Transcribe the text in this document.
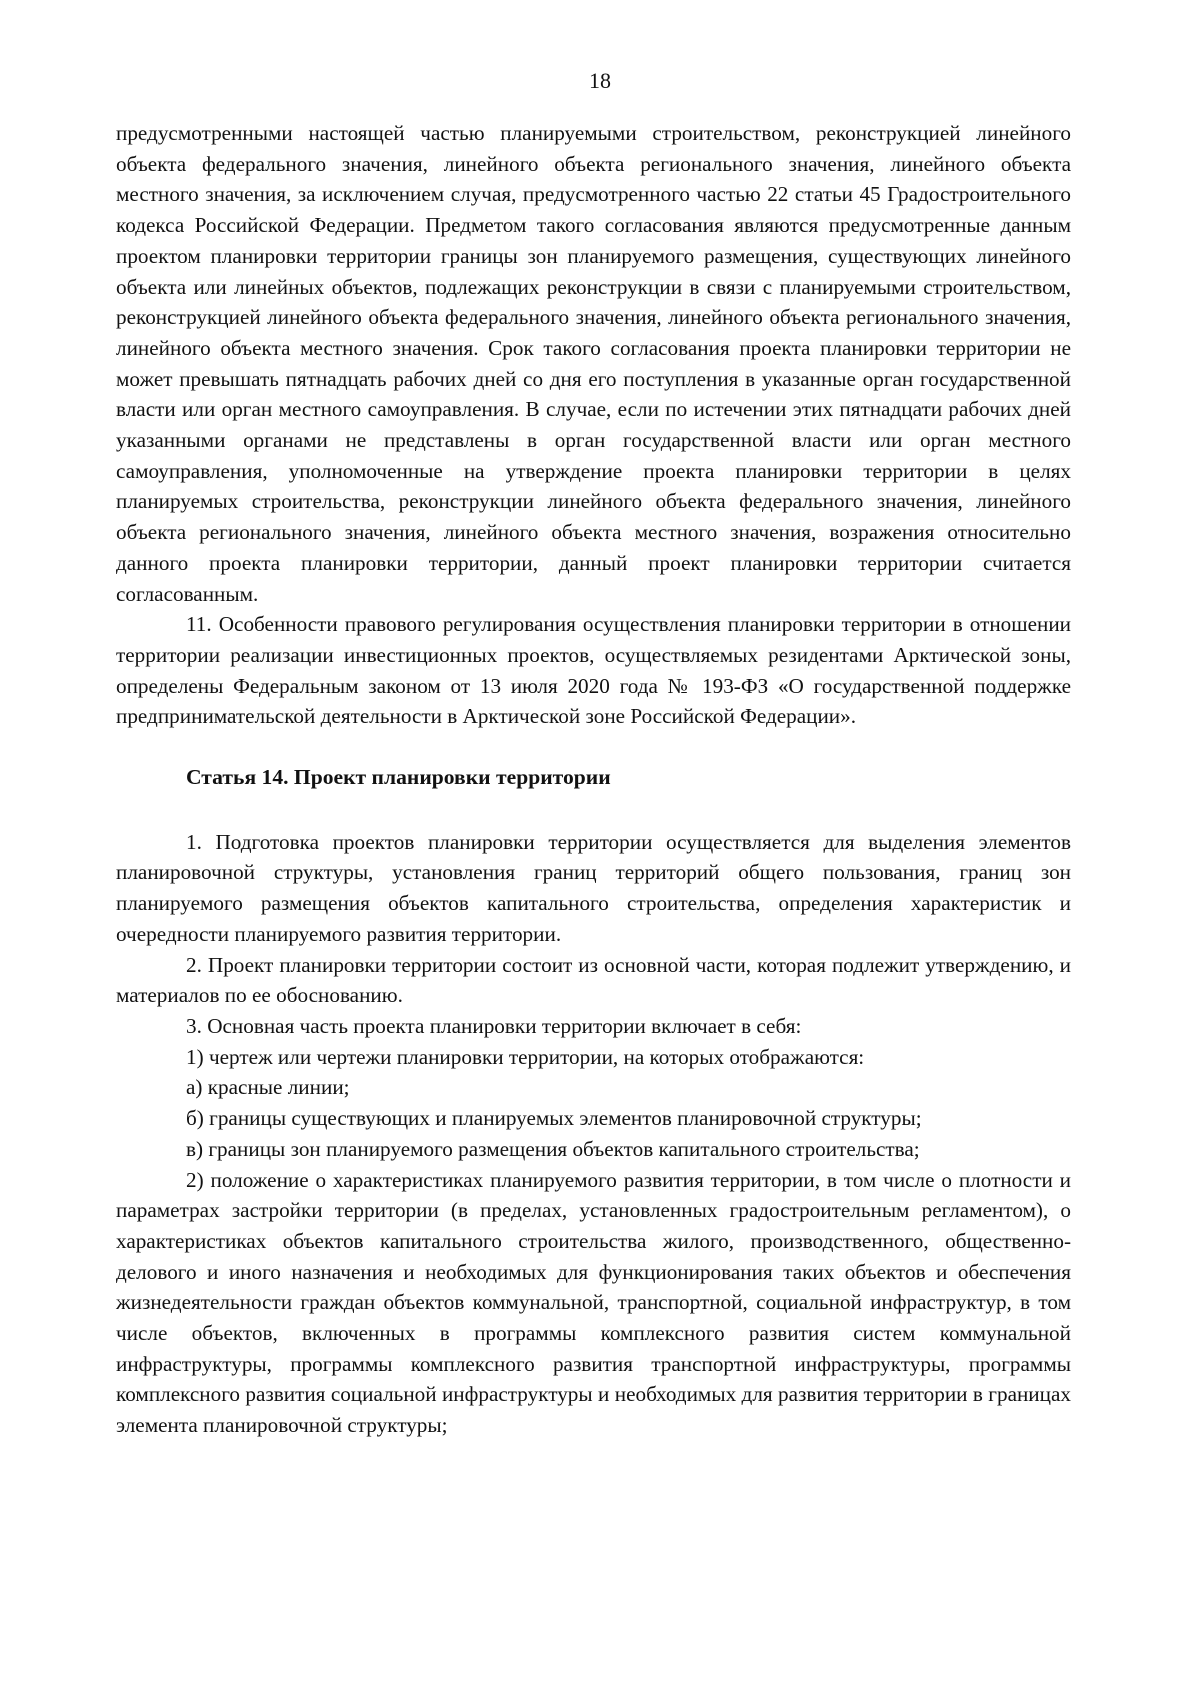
18

предусмотренными настоящей частью планируемыми строительством, реконструкцией линейного объекта федерального значения, линейного объекта регионального значения, линейного объекта местного значения, за исключением случая, предусмотренного частью 22 статьи 45 Градостроительного кодекса Российской Федерации. Предметом такого согласования являются предусмотренные данным проектом планировки территории границы зон планируемого размещения, существующих линейного объекта или линейных объектов, подлежащих реконструкции в связи с планируемыми строительством, реконструкцией линейного объекта федерального значения, линейного объекта регионального значения, линейного объекта местного значения. Срок такого согласования проекта планировки территории не может превышать пятнадцать рабочих дней со дня его поступления в указанные орган государственной власти или орган местного самоуправления. В случае, если по истечении этих пятнадцати рабочих дней указанными органами не представлены в орган государственной власти или орган местного самоуправления, уполномоченные на утверждение проекта планировки территории в целях планируемых строительства, реконструкции линейного объекта федерального значения, линейного объекта регионального значения, линейного объекта местного значения, возражения относительно данного проекта планировки территории, данный проект планировки территории считается согласованным.

11. Особенности правового регулирования осуществления планировки территории в отношении территории реализации инвестиционных проектов, осуществляемых резидентами Арктической зоны, определены Федеральным законом от 13 июля 2020 года № 193-ФЗ «О государственной поддержке предпринимательской деятельности в Арктической зоне Российской Федерации».

Статья 14. Проект планировки территории

1. Подготовка проектов планировки территории осуществляется для выделения элементов планировочной структуры, установления границ территорий общего пользования, границ зон планируемого размещения объектов капитального строительства, определения характеристик и очередности планируемого развития территории.

2. Проект планировки территории состоит из основной части, которая подлежит утверждению, и материалов по ее обоснованию.

3. Основная часть проекта планировки территории включает в себя:

1) чертеж или чертежи планировки территории, на которых отображаются:

а) красные линии;

б) границы существующих и планируемых элементов планировочной структуры;

в) границы зон планируемого размещения объектов капитального строительства;

2) положение о характеристиках планируемого развития территории, в том числе о плотности и параметрах застройки территории (в пределах, установленных градостроительным регламентом), о характеристиках объектов капитального строительства жилого, производственного, общественно-делового и иного назначения и необходимых для функционирования таких объектов и обеспечения жизнедеятельности граждан объектов коммунальной, транспортной, социальной инфраструктур, в том числе объектов, включенных в программы комплексного развития систем коммунальной инфраструктуры, программы комплексного развития транспортной инфраструктуры, программы комплексного развития социальной инфраструктуры и необходимых для развития территории в границах элемента планировочной структуры;
